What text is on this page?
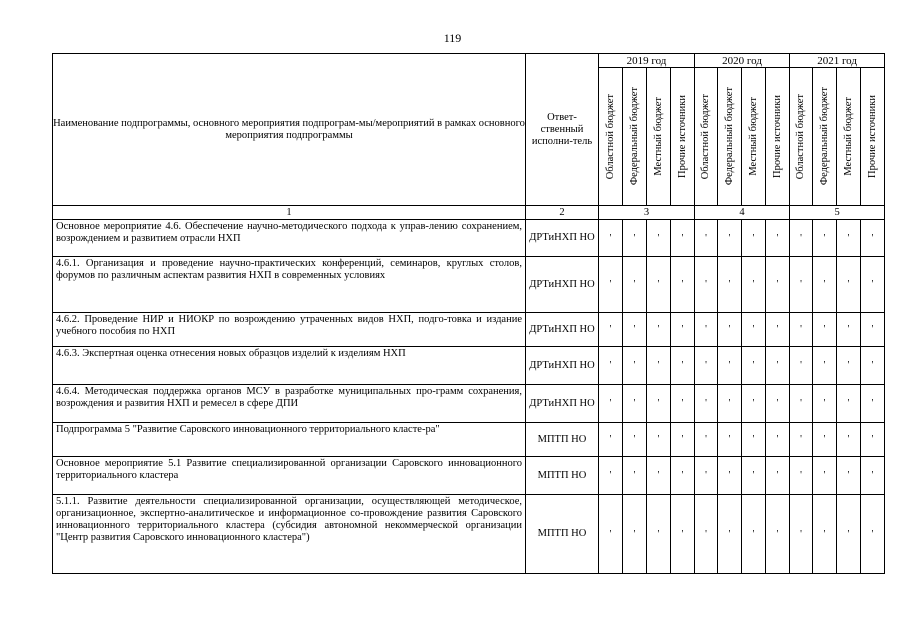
119
Наименование подпрограммы, основного мероприятия подпрограм-мы/мероприятий в рамках основного мероприятия подпрограммы	Ответ-ственный исполни-тель	2019 год				2020 год				2021 год			

		Областной бюджет	Федеральный бюджет	Местный бюджет	Прочие источники	Областной бюджет	Федеральный бюджет	Местный бюджет	Прочие источники	Областной бюджет	Федеральный бюджет	Местный бюджет	Прочие источники

1	2	3				4				5			
Основное мероприятие 4.6. Обеспечение научно-методического подхода к управ-лению сохранением, возрождением и развитием отрасли НХП	ДРТиНХП НО	'	'	'	'	'	'	'	'	'	'	'	'
4.6.1. Организация и проведение научно-практических конференций, семинаров, круглых столов, форумов по различным аспектам развития НХП в современных условиях	ДРТиНХП НО	'	'	'	'	'	'	'	'	'	'	'	'
4.6.2. Проведение НИР и НИОКР по возрождению утраченных видов НХП, подго-товка и издание учебного пособия по НХП	ДРТиНХП НО	'	'	'	'	'	'	'	'	'	'	'	'
4.6.3. Экспертная оценка отнесения новых образцов изделий к изделиям НХП	ДРТиНХП НО	'	'	'	'	'	'	'	'	'	'	'	'
4.6.4. Методическая поддержка органов МСУ в разработке муниципальных про-грамм сохранения, возрождения и развития НХП и ремесел в сфере ДПИ	ДРТиНХП НО	'	'	'	'	'	'	'	'	'	'	'	'
Подпрограмма 5 "Развитие Саровского инновационного территориального класте-ра"	МПТП НО	'	'	'	'	'	'	'	'	'	'	'	'
Основное мероприятие 5.1 Развитие специализированной организации Саровского инновационного территориального кластера	МПТП НО	'	'	'	'	'	'	'	'	'	'	'	'
5.1.1. Развитие деятельности специализированной организации, осуществляющей методическое, организационное, экспертно-аналитическое и информационное со-провождение развития Саровского инновационного территориального кластера (субсидия автономной некоммерческой организации "Центр развития Саровского инновационного кластера")	МПТП НО	'	'	'	'	'	'	'	'	'	'	'	'
